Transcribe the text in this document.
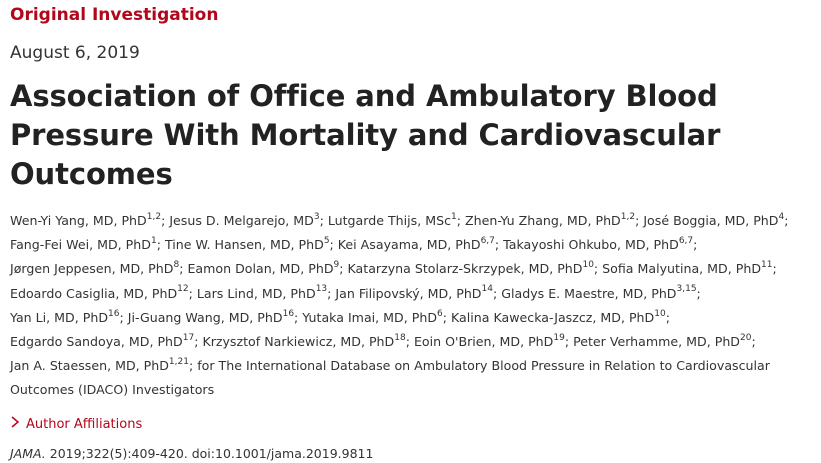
Original Investigation
August 6, 2019
Association of Office and Ambulatory Blood Pressure With Mortality and Cardiovascular Outcomes
Wen-Yi Yang, MD, PhD$^{1,2}$; Jesus D. Melgarejo, $MD^3$; Lutgarde Thijs, MSc$^1$; Zhen-Yu Zhang, MD, PhD$^{1,2}$; José Boggia, MD, PhD$^4$; Fang-Fei Wei, MD, PhD$^1$; Tine W. Hansen, MD, PhD$^5$; Kei Asayama, MD, PhD$^{6,7}$; Takayoshi Ohkubo, MD, PhD$^{6,7}$; Jørgen Jeppesen, MD, PhD$^8$; Eamon Dolan, MD, PhD$^9$; Katarzyna Stolarz-Skrzypek, MD, PhD$^{10}$; Sofia Malyutina, MD, PhD$^{11}$; Edoardo Casiglia, MD, PhD$^{12}$; Lars Lind, MD, PhD$^{13}$; Jan Filipovský, MD, PhD$^{14}$; Gladys E. Maestre, MD, PhD$^{3,15}$; Yan Li, MD, PhD$^{16}$; Ji-Guang Wang, MD, PhD$^{16}$; Yutaka Imai, MD, PhD$^6$; Kalina Kawecka-Jaszcz, MD, PhD$^{10}$; Edgardo Sandoya, MD, PhD$^{17}$; Krzysztof Narkiewicz, MD, PhD$^{18}$; Eoin O'Brien, MD, PhD$^{19}$; Peter Verhamme, MD, PhD$^{20}$; Jan A. Staessen, MD, PhD$^{1,21}$; for The International Database on Ambulatory Blood Pressure in Relation to Cardiovascular Outcomes (IDACO) Investigators
Author Affiliations
JAMA. 2019;322(5):409-420. doi:10.1001/jama.2019.9811
